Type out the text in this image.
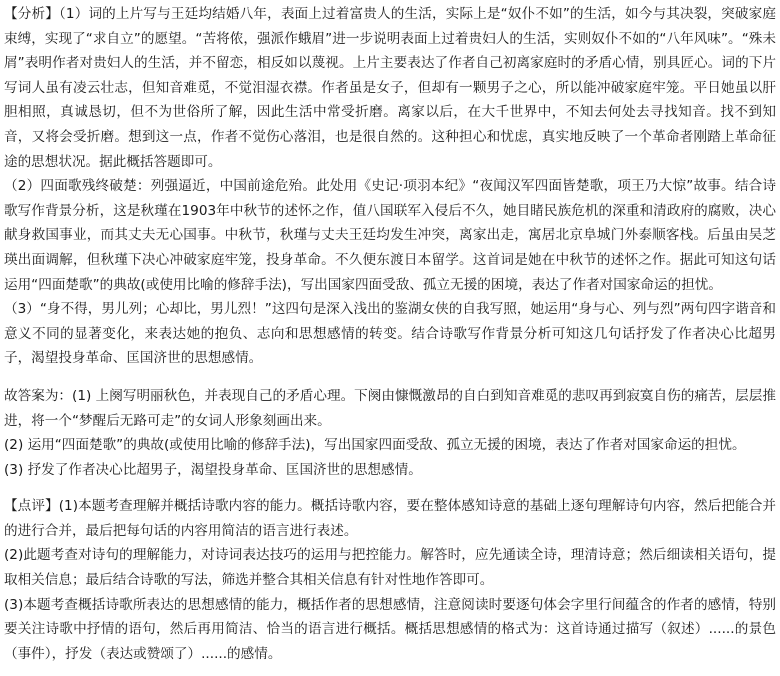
【分析】（1）词的上片写与王廷均结婚八年，表面上过着富贵人的生活，实际上是“奴仆不如”的生活，如今与其决裂，突破家庭束缚，实现了“求自立”的愿望。“苦将侬，强派作蛾眉”进一步说明表面上过着贵妇人的生活，实则奴仆不如的“八年风味”。“殊未屑”表明作者对贵妇人的生活，并不留恋，相反如以蔑视。上片主要表达了作者自己初离家庭时的矛盾心情，别具匠心。词的下片写词人虽有凌云壮志，但知音难觅，不觉泪湿衣襟。作者虽是女子，但却有一颗男子之心，所以能冲破家庭牢笼。平日她虽以肝胆相照，真诚恳切，但不为世俗所了解，因此生活中常受折磨。离家以后，在大千世界中，不知去何处去寻找知音。找不到知音，又将会受折磨。想到这一点，作者不觉伤心落泪，也是很自然的。这种担心和忧虑，真实地反映了一个革命者刚踏上革命征途的思想状况。据此概括答题即可。

（2）四面歌残终破楚：列强逼近，中国前途危殆。此处用《史记·项羽本纪》“夜闻汉军四面皆楚歌，项王乃大惊”故事。结合诗歌写作背景分析，这是秋瑾在1903年中秋节的述怀之作，值八国联军入侵后不久，她目睹民族危机的深重和清政府的腐败，决心献身救国事业，而其丈夫无心国事。中秋节，秋瑾与丈夫王廷均发生冲突，离家出走，寓居北京阜城门外泰顺客栈。后虽由吴芝瑛出面调解，但秋瑾下决心冲破家庭牢笼，投身革命。不久便东渡日本留学。这首词是她在中秋节的述怀之作。据此可知这句话运用“四面楚歌”的典故(或使用比喻的修辞手法)，写出国家四面受敌、孤立无援的困境，表达了作者对国家命运的担忧。

（3）“身不得，男儿列；心却比，男儿烈！”这四句是深入浅出的鉴湖女侠的自我写照，她运用“身与心、列与烈”两句四字谐音和意义不同的显著变化，来表达她的抱负、志向和思想感情的转变。结合诗歌写作背景分析可知这几句话抒发了作者决心比超男子，渴望投身革命、匡国济世的思想感情。

故答案为：(1) 上阕写明丽秋色，并表现自己的矛盾心理。下阕由慷慨激昂的自白到知音难觅的悲叹再到寂寞自伤的痛苦，层层推进，将一个“梦醒后无路可走”的女词人形象刻画出来。

(2) 运用“四面楚歌”的典故(或使用比喻的修辞手法)，写出国家四面受敌、孤立无援的困境，表达了作者对国家命运的担忧。

(3) 抒发了作者决心比超男子，渴望投身革命、匡国济世的思想感情。

【点评】(1)本题考查理解并概括诗歌内容的能力。概括诗歌内容，要在整体感知诗意的基础上逐句理解诗句内容，然后把能合并的进行合并，最后把每句话的内容用简洁的语言进行表述。

(2)此题考查对诗句的理解能力，对诗词表达技巧的运用与把控能力。解答时，应先通读全诗，理清诗意；然后细读相关语句，提取相关信息；最后结合诗歌的写法，筛选并整合其相关信息有针对性地作答即可。

(3)本题考查概括诗歌所表达的思想感情的能力，概括作者的思想感情，注意阅读时要逐句体会字里行间蕴含的作者的感情，特别要关注诗歌中抒情的语句，然后再用简洁、恰当的语言进行概括。概括思想感情的格式为：这首诗通过描写（叙述）......的景色（事件），抒发（表达或赞颂了）......的感情。
